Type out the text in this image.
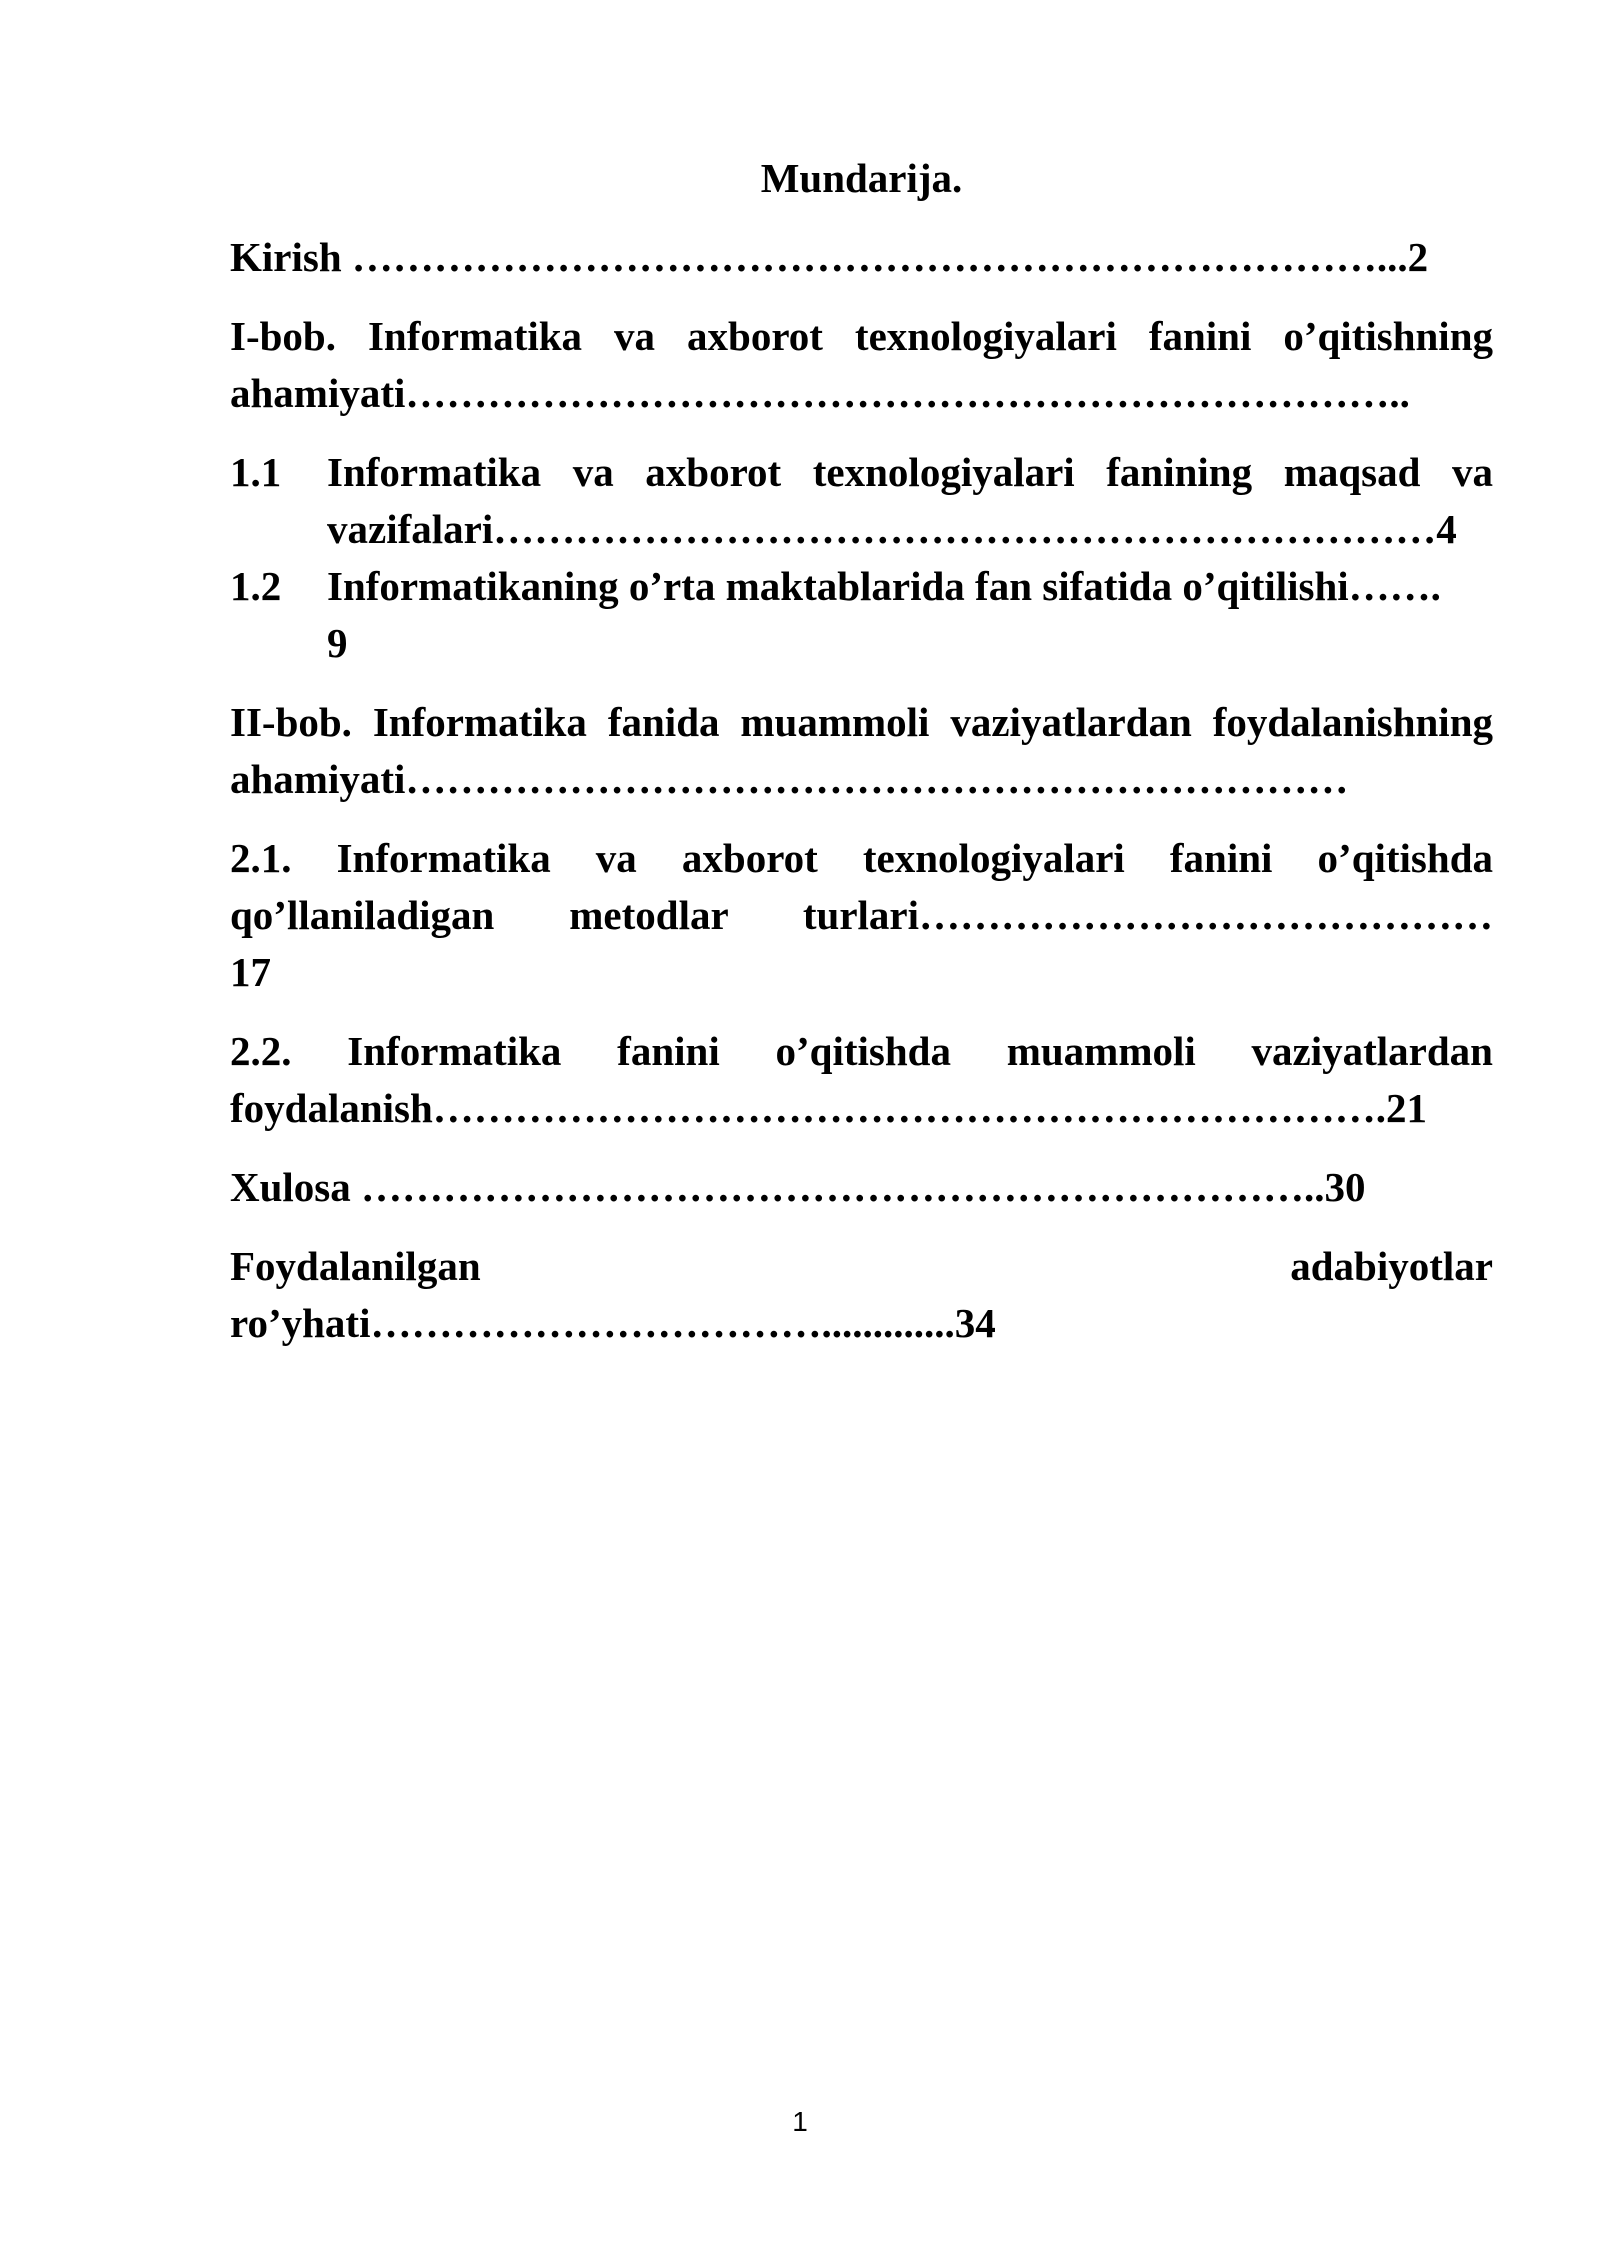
Mundarija.
Kirish …………………………………………………………………...2
I-bob. Informatika va axborot texnologiyalari fanini o’qitishning
ahamiyati………………………………………………………………..
1.1	Informatika va axborot texnologiyalari fanining maqsad va
vazifalari……………………………………………………………4
1.2	Informatikaning o’rta maktablarida fan sifatida o’qitilishi…….
9
II-bob. Informatika fanida muammoli vaziyatlardan foydalanishning
ahamiyati……………………………………………………………
2.1. Informatika va axborot texnologiyalari fanini o’qitishda
qo’llaniladigan metodlar turlari……………………………………
17
2.2. Informatika fanini o’qitishda muammoli vaziyatlardan
foydalanish…………………………………………………………….21
Xulosa ……………………………………………………………..30
Foydalanilgan	adabiyotlar
ro’yhati…………………………….............34
1
